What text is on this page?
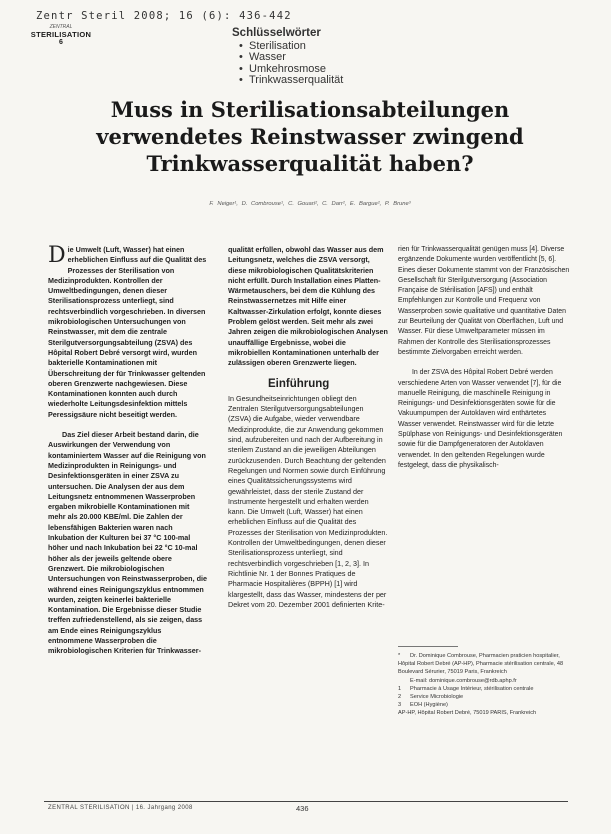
Zentr Steril 2008; 16 (6): 436-442
ZENTRAL
STERILISATION
6
Schlüsselwörter
• Sterilisation
• Wasser
• Umkehrosmose
• Trinkwasserqualität
Muss in Sterilisationsabteilungen
verwendetes Reinstwasser zwingend
Trinkwasserqualität haben?
F. Neiger¹, D. Combrouse¹, C. Gouari², C. Darr², E. Bargue², P. Brune³

Die Umwelt (Luft, Wasser) hat einen erheblichen Einfluss auf die Qualität des Prozesses der Sterilisation von Medizinprodukten. Kontrollen der Umweltbedingungen, denen dieser Sterilisationsprozess unterliegt, sind rechtsverbindlich vorgeschrieben. In diversen mikrobiologischen Untersuchungen von Reinstwasser, mit dem die zentrale Sterilgutversorgungsabteilung (ZSVA) des Hôpital Robert Debré versorgt wird, wurden bakterielle Kontaminationen mit Überschreitung der für Trinkwasser geltenden oberen Grenzwerte nachgewiesen. Diese Kontaminationen konnten auch durch wiederholte Leitungsdesinfektion mittels Peressigsäure nicht beseitigt werden.

Das Ziel dieser Arbeit bestand darin, die Auswirkungen der Verwendung von kontaminiertem Wasser auf die Reinigung von Medizinprodukten in Reinigungs- und Desinfektionsgeräten in einer ZSVA zu untersuchen. Die Analysen der aus dem Leitungsnetz entnommenen Wasserproben ergaben mikrobielle Kontaminationen mit mehr als 20.000 KBE/ml. Die Zahlen der lebensfähigen Bakterien waren nach Inkubation der Kulturen bei 37 °C 100-mal höher und nach Inkubation bei 22 °C 10-mal höher als der jeweils geltende obere Grenzwert. Die mikrobiologischen Untersuchungen von Reinstwasserproben, die während eines Reinigungszyklus entnommen wurden, zeigten keinerlei bakterielle Kontamination. Die Ergebnisse dieser Studie treffen zufriedenstellend, als sie zeigen, dass am Ende eines Reinigungszyklus entnommene Wasserproben die mikrobiologischen Kriterien für Trinkwasser-

qualität erfüllen, obwohl das Wasser aus dem Leitungsnetz, welches die ZSVA versorgt, diese mikrobiologischen Qualitätskriterien nicht erfüllt. Durch Installation eines Platten-Wärmetauschers, bei dem die Kühlung des Reinstwassernetzes mit Hilfe einer Kaltwasser-Zirkulation erfolgt, konnte dieses Problem gelöst werden. Seit mehr als zwei Jahren zeigen die mikrobiologischen Analysen unauffällige Ergebnisse, wobei die mikrobiellen Kontaminationen unterhalb der zulässigen oberen Grenzwerte liegen.

Einführung

In Gesundheitseinrichtungen obliegt den Zentralen Sterilgutversorgungsabteilungen (ZSVA) die Aufgabe, wieder verwendbare Medizinprodukte, die zur Anwendung gekommen sind, aufzubereiten und nach der Aufbereitung in sterilem Zustand an die jeweiligen Abteilungen zurückzusenden. Durch Beachtung der geltenden Regelungen und Normen sowie durch Einführung eines Qualitätssicherungssystems wird gewährleistet, dass der sterile Zustand der Instrumente hergestellt und erhalten werden kann. Die Umwelt (Luft, Wasser) hat einen erheblichen Einfluss auf die Qualität des Prozesses der Sterilisation von Medizinprodukten. Kontrollen der Umweltbedingungen, denen dieser Sterilisationsprozess unterliegt, sind rechtsverbindlich vorgeschrieben [1, 2, 3]. In Richtlinie Nr. 1 der Bonnes Pratiques de Pharmacie Hospitalières (BPPH) [1] wird klargestellt, dass das Wasser, mindestens der per Dekret vom 20. Dezember 2001 definierten Krite-

rien für Trinkwasserqualität genügen muss [4]. Diverse ergänzende Dokumente wurden veröffentlicht [5, 6]. Eines dieser Dokumente stammt von der Französischen Gesellschaft für Sterilgutversorgung (Association Française de Stérilisation [AFS]) und enthält Empfehlungen zur Kontrolle und Frequenz von Wasserproben sowie qualitative und quantitative Daten zur Beurteilung der Qualität von Oberflächen, Luft und Wasser. Für diese Umweltparameter müssen im Rahmen der Kontrolle des Sterilisationsprozesses bestimmte Zielvorgaben erreicht werden.

In der ZSVA des Hôpital Robert Debré werden verschiedene Arten von Wasser verwendet [7], für die manuelle Reinigung, die maschinelle Reinigung in Reinigungs- und Desinfektionsgeräten sowie für die Vakuumpumpen der Autoklaven wird enthärtetes Wasser verwendet. Reinstwasser wird für die letzte Spülphase von Reinigungs- und Desinfektionsgeräten sowie für die Dampfgeneratoren der Autoklaven verwendet. In den geltenden Regelungen wurde festgelegt, dass die physikalisch-

* Dr. Dominique Combrouse, Pharmacien praticien hospitalier, Hôpital Robert Debré (AP-HP), Pharmacie stérilisation centrale, 48 Boulevard Sérurier, 75019 Paris, Frankreich
E-mail: dominique.combrouse@rdb.aphp.fr
1 Pharmacie à Usage Intérieur, stérilisation centrale
2 Service Microbiologie
3 EOH (Hygiène)
AP-HP, Hôpital Robert Debré, 75019 PARIS, Frankreich
ZENTRAL STERILISATION | 16. Jahrgang 2008	436
